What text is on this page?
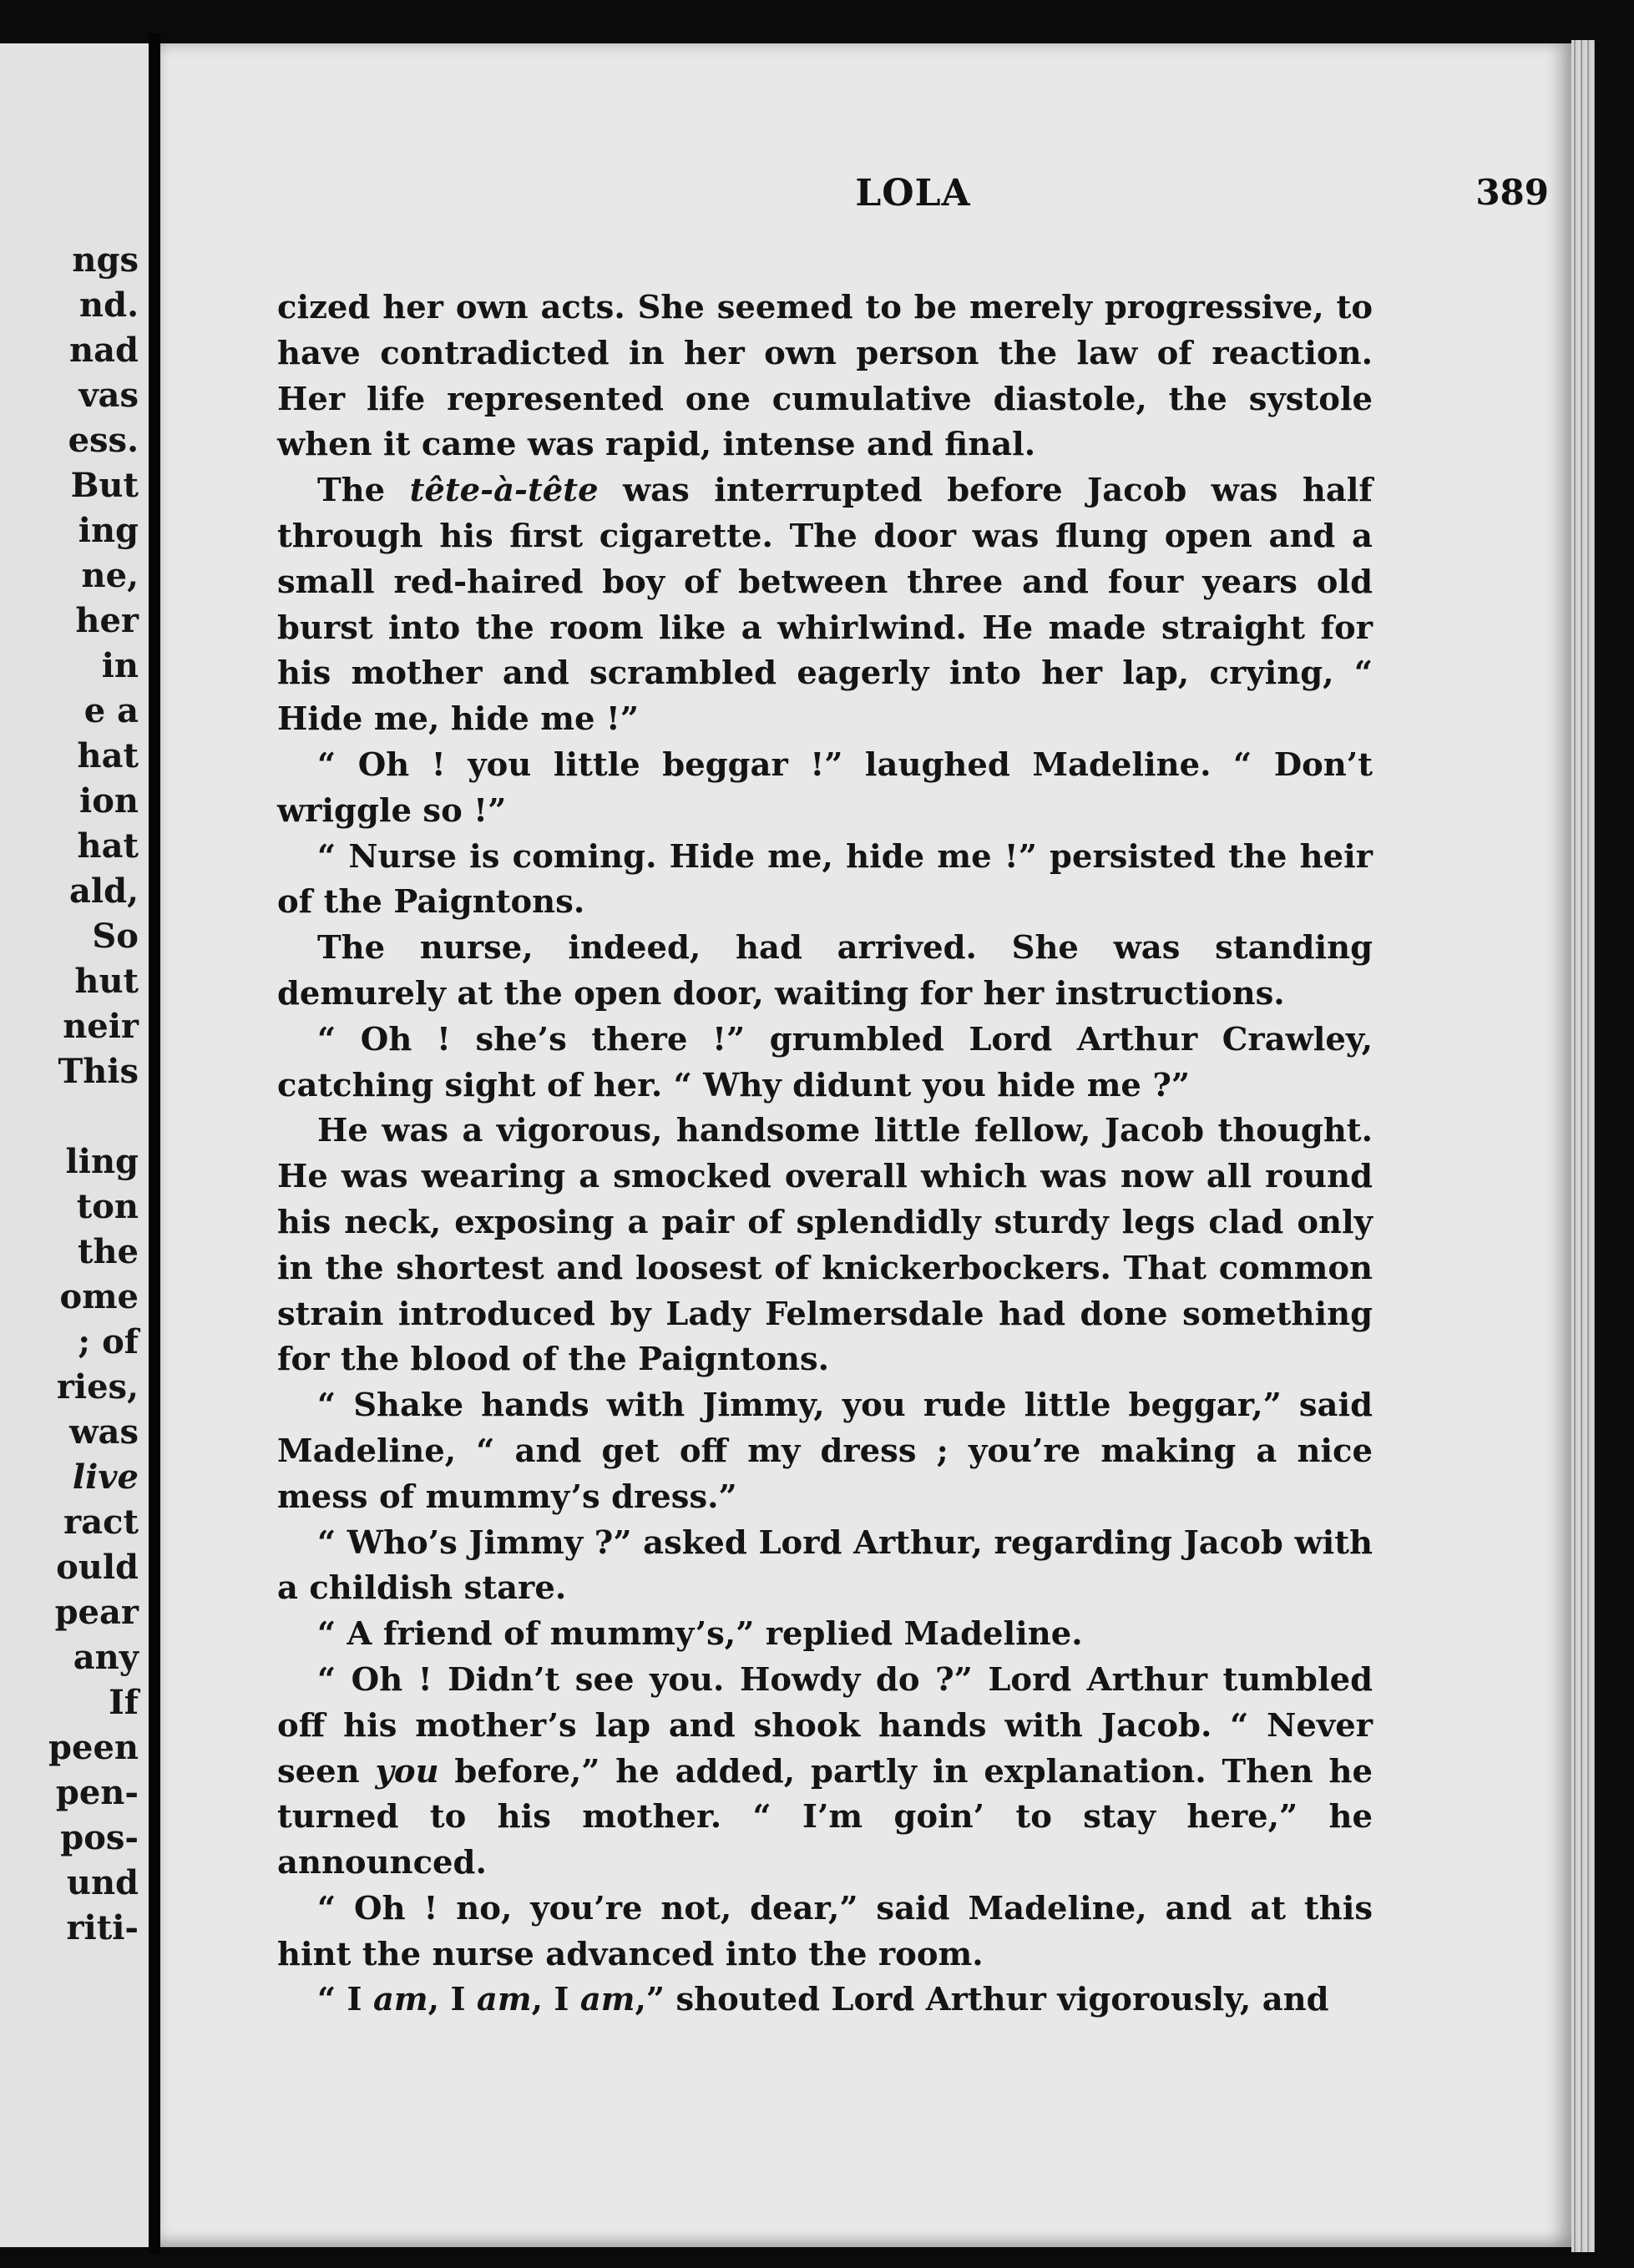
ngs
nd.
nad
vas
ess.
But
ing
ne,
her
in
e a
hat
ion
hat
ald,
So
hut
neir
This
ling
ton
the
ome
; of
ries,
was
live
ract
ould
pear
any
If
peen
pen-
pos-
und
riti-
LOLA	389

cized her own acts. She seemed to be merely progressive, to have contradicted in her own person the law of reaction. Her life represented one cumulative diastole, the systole when it came was rapid, intense and final.

The tête-à-tête was interrupted before Jacob was half through his first cigarette. The door was flung open and a small red-haired boy of between three and four years old burst into the room like a whirlwind. He made straight for his mother and scrambled eagerly into her lap, crying, “ Hide me, hide me !”

“ Oh ! you little beggar !” laughed Madeline. “ Don’t wriggle so !”

“ Nurse is coming. Hide me, hide me !” persisted the heir of the Paigntons.

The nurse, indeed, had arrived. She was standing demurely at the open door, waiting for her instructions.

“ Oh ! she’s there !” grumbled Lord Arthur Crawley, catching sight of her. “ Why didunt you hide me ?”

He was a vigorous, handsome little fellow, Jacob thought. He was wearing a smocked overall which was now all round his neck, exposing a pair of splendidly sturdy legs clad only in the shortest and loosest of knickerbockers. That common strain introduced by Lady Felmersdale had done something for the blood of the Paigntons.

“ Shake hands with Jimmy, you rude little beggar,” said Madeline, “ and get off my dress ; you’re making a nice mess of mummy’s dress.”

“ Who’s Jimmy ?” asked Lord Arthur, regarding Jacob with a childish stare.

“ A friend of mummy’s,” replied Madeline.

“ Oh ! Didn’t see you. Howdy do ?” Lord Arthur tumbled off his mother’s lap and shook hands with Jacob. “ Never seen you before,” he added, partly in explanation. Then he turned to his mother. “ I’m goin’ to stay here,” he announced.

“ Oh ! no, you’re not, dear,” said Madeline, and at this hint the nurse advanced into the room.

“ I am, I am, I am,” shouted Lord Arthur vigorously, and
